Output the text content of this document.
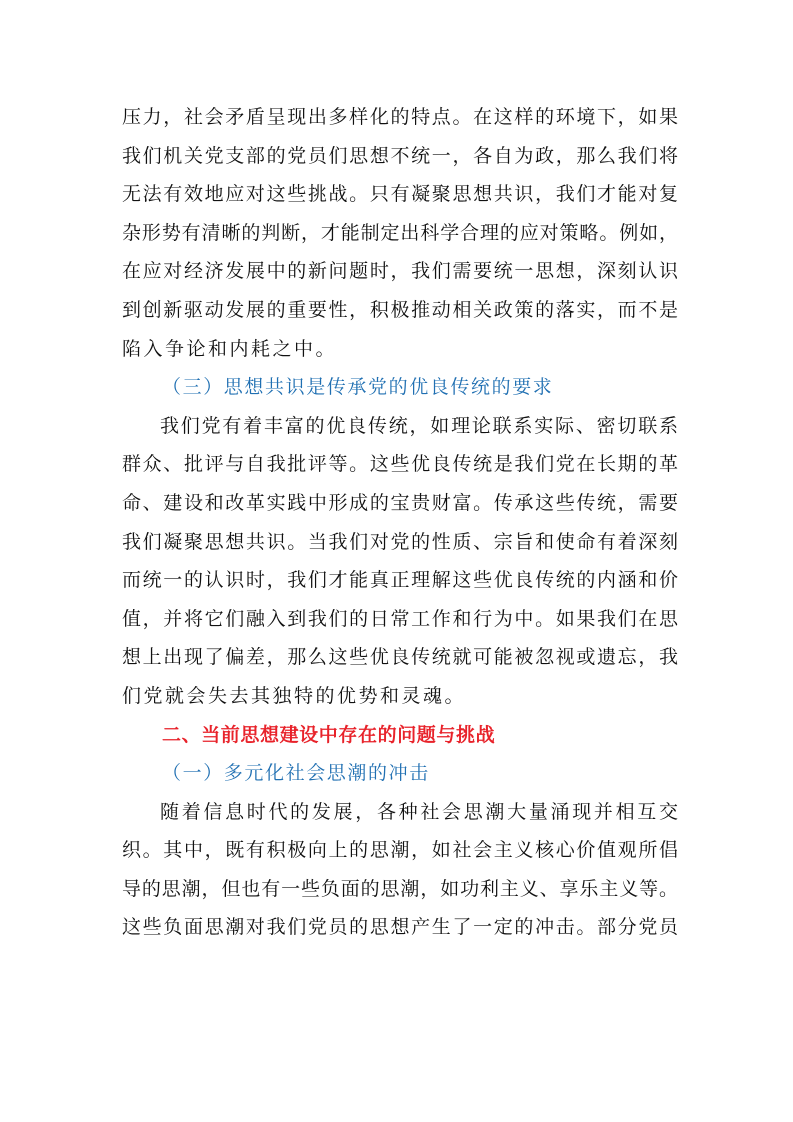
压力，社会矛盾呈现出多样化的特点。在这样的环境下，如果
我们机关党支部的党员们思想不统一，各自为政，那么我们将
无法有效地应对这些挑战。只有凝聚思想共识，我们才能对复
杂形势有清晰的判断，才能制定出科学合理的应对策略。例如，
在应对经济发展中的新问题时，我们需要统一思想，深刻认识
到创新驱动发展的重要性，积极推动相关政策的落实，而不是
陷入争论和内耗之中。
（三）思想共识是传承党的优良传统的要求
我们党有着丰富的优良传统，如理论联系实际、密切联系
群众、批评与自我批评等。这些优良传统是我们党在长期的革
命、建设和改革实践中形成的宝贵财富。传承这些传统，需要
我们凝聚思想共识。当我们对党的性质、宗旨和使命有着深刻
而统一的认识时，我们才能真正理解这些优良传统的内涵和价
值，并将它们融入到我们的日常工作和行为中。如果我们在思
想上出现了偏差，那么这些优良传统就可能被忽视或遗忘，我
们党就会失去其独特的优势和灵魂。
二、当前思想建设中存在的问题与挑战
（一）多元化社会思潮的冲击
随着信息时代的发展，各种社会思潮大量涌现并相互交
织。其中，既有积极向上的思潮，如社会主义核心价值观所倡
导的思潮，但也有一些负面的思潮，如功利主义、享乐主义等。
这些负面思潮对我们党员的思想产生了一定的冲击。部分党员
